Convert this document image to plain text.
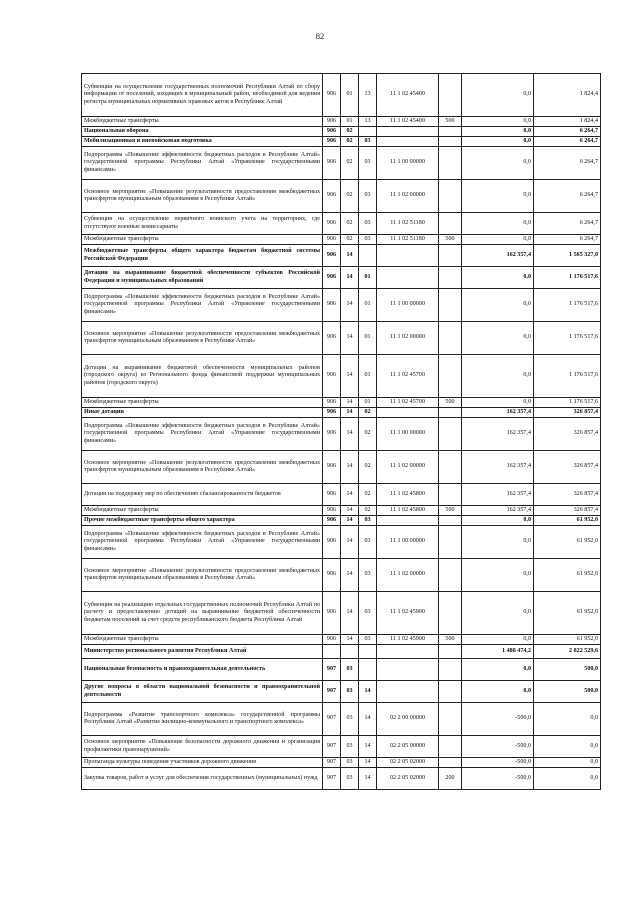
82
Субвенции на осуществление государственных полномочий Республики Алтай по сбору информации от поселений, входящих в муниципальный район, необходимой для ведения регистра муниципальных нормативных правовых актов в Республике Алтай	906	01	13	11 1 02 45400		0,0	1 824,4
Межбюджетные трансферты	906	01	13	11 1 02 45400	500	0,0	1 824,4
Национальная оборона	906	02				0,0	6 264,7
Мобилизационная и вневойсковая подготовка	906	02	03			0,0	6 264,7
Подпрограмма «Повышение эффективности бюджетных расходов в Республике Алтай» государственной программы Республики Алтай «Управление государственными финансами»	906	02	03	11 1 00 00000		0,0	6 264,7
Основное мероприятие «Повышение результативности предоставления межбюджетных трансфертов муниципальным образованиям в Республике Алтай»	906	02	03	11 1 02 00000		0,0	6 264,7
Субвенции на осуществление первичного воинского учета на территориях, где отсутствуют военные комиссариаты	906	02	03	11 1 02 51180		0,0	6 264,7
Межбюджетные трансферты	906	02	03	11 1 02 51180	500	0,0	6 264,7
Межбюджетные трансферты общего характера бюджетам бюджетной системы Российской Федерации	906	14				162 357,4	1 565 327,0
Дотации на выравнивание бюджетной обеспеченности субъектов Российской Федерации и муниципальных образований	906	14	01			0,0	1 176 517,6
Подпрограмма «Повышение эффективности бюджетных расходов в Республике Алтай» государственной программы Республики Алтай «Управление государственными финансами»	906	14	01	11 1 00 00000		0,0	1 176 517,6
Основное мероприятие «Повышение результативности предоставления межбюджетных трансфертов муниципальным образованиям в Республике Алтай»	906	14	01	11 1 02 00000		0,0	1 176 517,6
Дотации на выравнивание бюджетной обеспеченности муниципальных районов (городского округа) из Регионального фонда финансовой поддержки муниципальных районов (городского округа)	906	14	01	11 1 02 45700		0,0	1 176 517,6
Межбюджетные трансферты	906	14	01	11 1 02 45700	500	0,0	1 176 517,6
Иные дотации	906	14	02			162 357,4	326 857,4
Подпрограмма «Повышение эффективности бюджетных расходов в Республике Алтай» государственной программы Республики Алтай «Управление государственными финансами»	906	14	02	11 1 00 00000		162 357,4	326 857,4
Основное мероприятие «Повышение результативности предоставления межбюджетных трансфертов муниципальным образованиям в Республике Алтай»	906	14	02	11 1 02 00000		162 357,4	326 857,4
Дотации на поддержку мер по обеспечению сбалансированности бюджетов	906	14	02	11 1 02 45800		162 357,4	326 857,4
Межбюджетные трансферты	906	14	02	11 1 02 45800	500	162 357,4	326 857,4
Прочие межбюджетные трансферты общего характера	906	14	03			0,0	61 952,0
Подпрограмма «Повышение эффективности бюджетных расходов в Республике Алтай» государственной программы Республики Алтай «Управление государственными финансами»	906	14	03	11 1 00 00000		0,0	61 952,0
Основное мероприятие «Повышение результативности предоставления межбюджетных трансфертов муниципальным образованиям в Республике Алтай»	906	14	03	11 1 02 00000		0,0	61 952,0
Субвенции на реализацию отдельных государственных полномочий Республики Алтай по расчету и предоставлению дотаций на выравнивание бюджетной обеспеченности бюджетам поселений за счет средств республиканского бюджета Республики Алтай	906	14	03	11 1 02 45900		0,0	61 952,0
Межбюджетные трансферты	906	14	03	11 1 02 45900	500	0,0	61 952,0
Министерство регионального развития Республики Алтай						1 488 474,2	2 822 529,6
Национальная безопасность и правоохранительная деятельность	907	03				0,0	500,0
Другие вопросы в области национальной безопасности и правоохранительной деятельности	907	03	14			0,0	500,0
Подпрограмма «Развитие транспортного комплекса» государственной программы Республики Алтай «Развитие жилищно-коммунального и транспортного комплекса»	907	03	14	02 2 00 00000		-500,0	0,0
Основное мероприятие «Повышение безопасности дорожного движения и организация профилактики правонарушений»	907	03	14	02 2 05 00000		-500,0	0,0
Пропаганда культуры поведения участников дорожного движения	907	03	14	02 2 05 02000		-500,0	0,0
Закупка товаров, работ и услуг для обеспечения государственных (муниципальных) нужд	907	03	14	02 2 05 02000	200	-500,0	0,0
